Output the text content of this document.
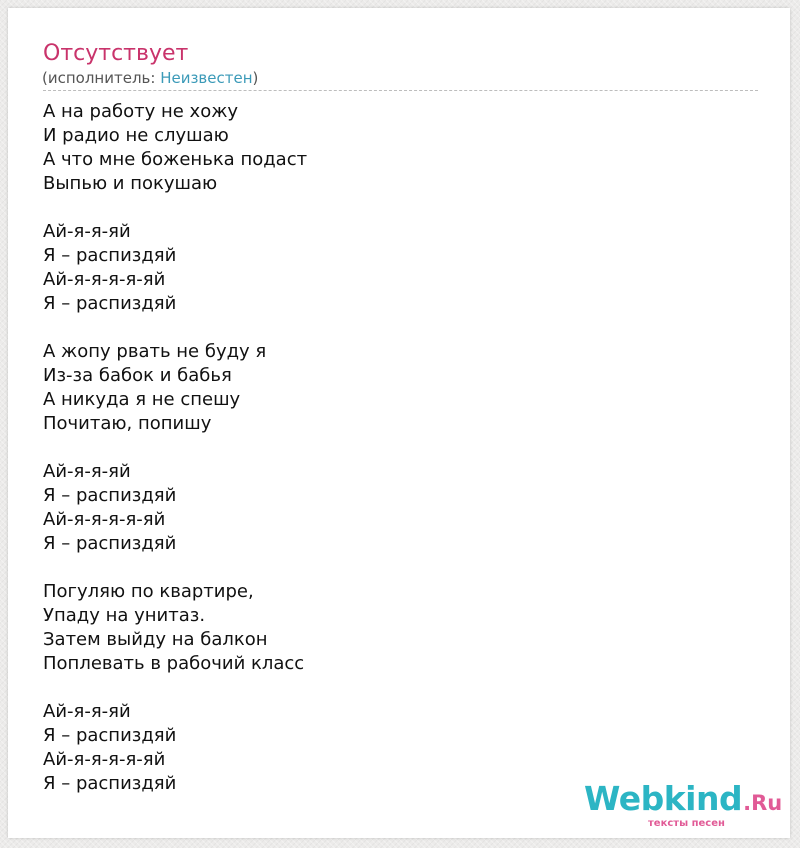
Отсутствует
(исполнитель: Неизвестен)
А на работу не хожу
И радио не слушаю
А что мне боженька подаст
Выпью и покушаю
Ай-я-я-яй
Я – распиздяй
Ай-я-я-я-я-яй
Я – распиздяй
А жопу рвать не буду я
Из-за бабок и бабья
А никуда я не спешу
Почитаю, попишу
Ай-я-я-яй
Я – распиздяй
Ай-я-я-я-я-яй
Я – распиздяй
Погуляю по квартире,
Упаду на унитаз.
Затем выйду на балкон
Поплевать в рабочий класс
Ай-я-я-яй
Я – распиздяй
Ай-я-я-я-я-яй
Я – распиздяй	Webkind.Ru
тексты песен
